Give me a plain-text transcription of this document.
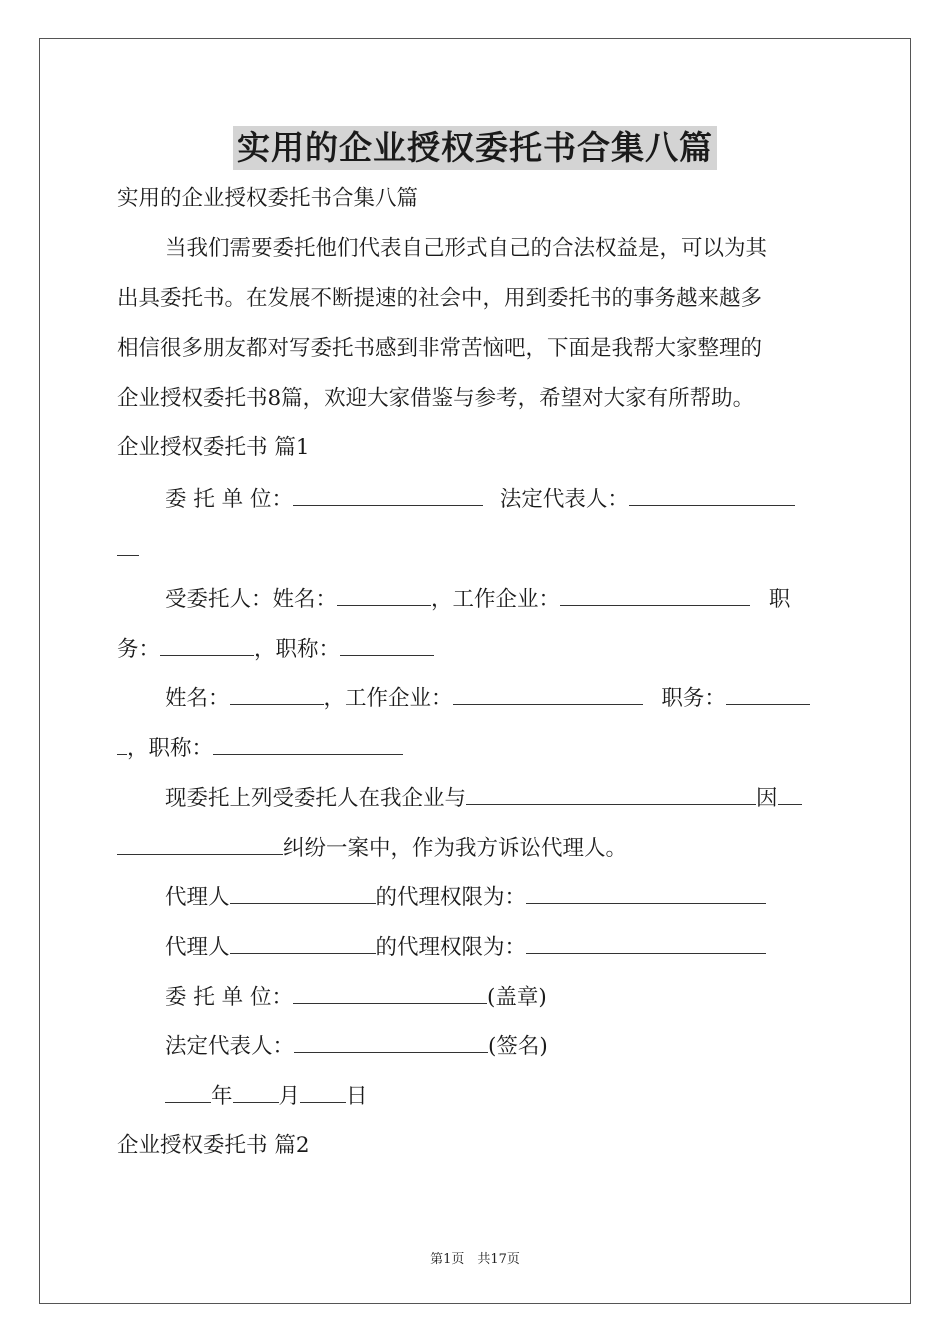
实用的企业授权委托书合集八篇
实用的企业授权委托书合集八篇
当我们需要委托他们代表自己形式自己的合法权益是，可以为其
出具委托书。在发展不断提速的社会中，用到委托书的事务越来越多
相信很多朋友都对写委托书感到非常苦恼吧，下面是我帮大家整理的
企业授权委托书8篇，欢迎大家借鉴与参考，希望对大家有所帮助。
企业授权委托书 篇1
委 托 单 位：	法定代表人：
受委托人：姓名：	，工作企业：	职
务：	，职称：
姓名：	，工作企业：	职务：
，职称：
现委托上列受委托人在我企业与	因
纠纷一案中，作为我方诉讼代理人。
代理人	的代理权限为：
代理人	的代理权限为：
委 托 单 位：	(盖章)
法定代表人：	(签名)
年 月 日
企业授权委托书 篇2
第1页　共17页
